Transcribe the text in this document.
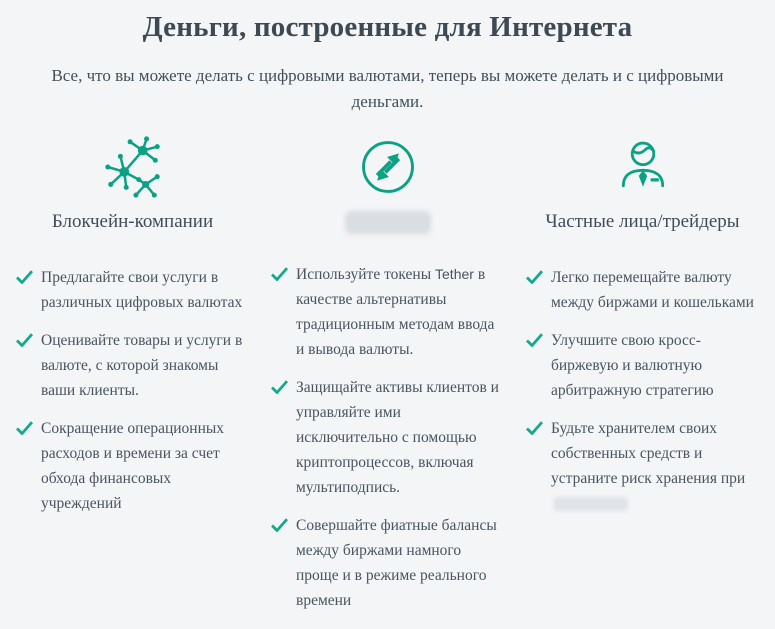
Деньги, построенные для Интернета

Все, что вы можете делать с цифровыми валютами, теперь вы можете делать и с цифровыми деньгами.

Блокчейн-компании
Предлагайте свои услуги в различных цифровых валютах
Оценивайте товары и услуги в валюте, с которой знакомы ваши клиенты.
Сокращение операционных расходов и времени за счет обхода финансовых учреждений
Используйте токены Tether в качестве альтернативы традиционным методам ввода и вывода валюты.
Защищайте активы клиентов и управляйте ими исключительно с помощью криптопроцессов, включая мультиподпись.
Совершайте фиатные балансы между биржами намного проще и в режиме реального времени
Частные лица/трейдеры
Легко перемещайте валюту между биржами и кошельками
Улучшите свою кросс-биржевую и валютную арбитражную стратегию
Будьте хранителем своих собственных средств и устраните риск хранения при
